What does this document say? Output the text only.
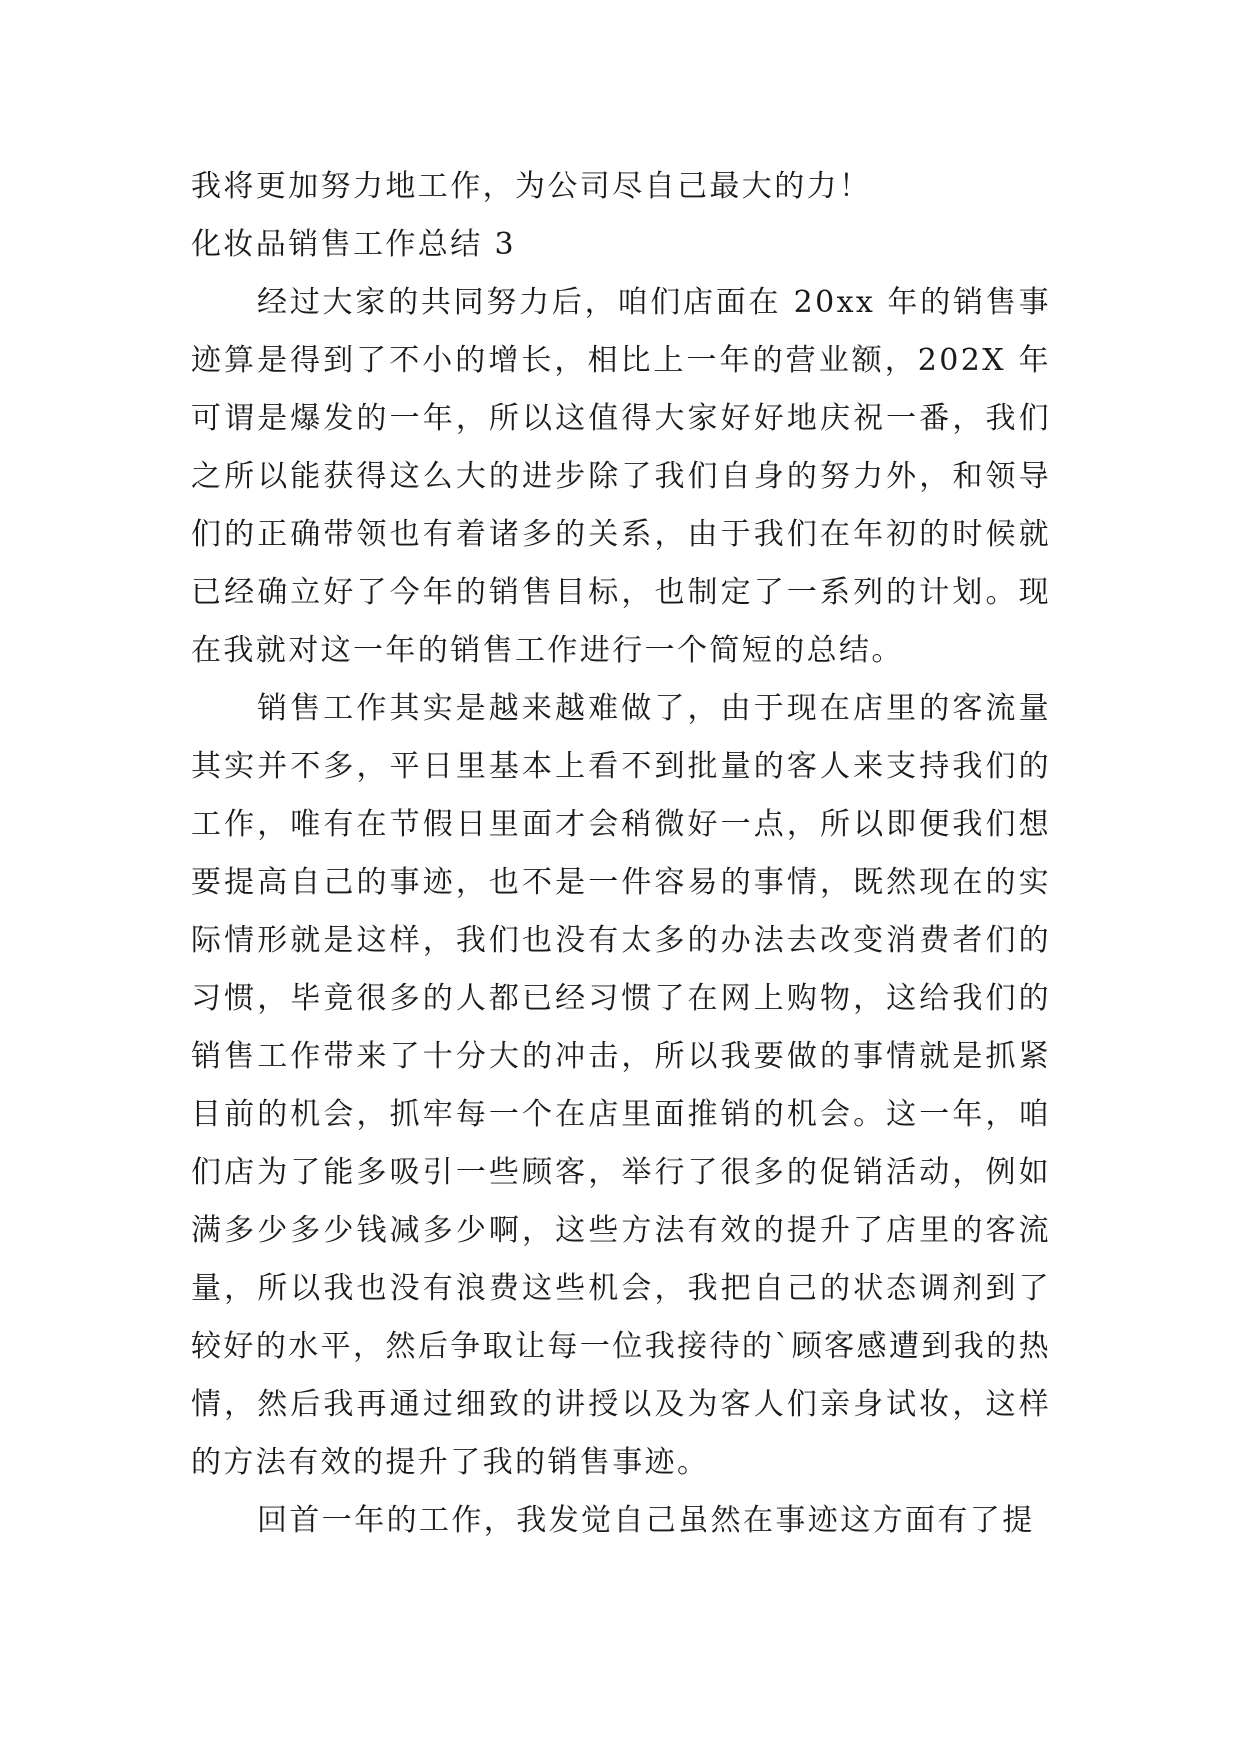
我将更加努力地工作，为公司尽自己最大的力！

化妆品销售工作总结 3

经过大家的共同努力后，咱们店面在 20xx 年的销售事迹算是得到了不小的增长，相比上一年的营业额，202X 年可谓是爆发的一年，所以这值得大家好好地庆祝一番，我们之所以能获得这么大的进步除了我们自身的努力外，和领导们的正确带领也有着诸多的关系，由于我们在年初的时候就已经确立好了今年的销售目标，也制定了一系列的计划。现在我就对这一年的销售工作进行一个简短的总结。

销售工作其实是越来越难做了，由于现在店里的客流量其实并不多，平日里基本上看不到批量的客人来支持我们的工作，唯有在节假日里面才会稍微好一点，所以即便我们想要提高自己的事迹，也不是一件容易的事情，既然现在的实际情形就是这样，我们也没有太多的办法去改变消费者们的习惯，毕竟很多的人都已经习惯了在网上购物，这给我们的销售工作带来了十分大的冲击，所以我要做的事情就是抓紧目前的机会，抓牢每一个在店里面推销的机会。这一年，咱们店为了能多吸引一些顾客，举行了很多的促销活动，例如满多少多少钱减多少啊，这些方法有效的提升了店里的客流量，所以我也没有浪费这些机会，我把自己的状态调剂到了较好的水平，然后争取让每一位我接待的`顾客感遭到我的热情，然后我再通过细致的讲授以及为客人们亲身试妆，这样的方法有效的提升了我的销售事迹。

回首一年的工作，我发觉自己虽然在事迹这方面有了提
